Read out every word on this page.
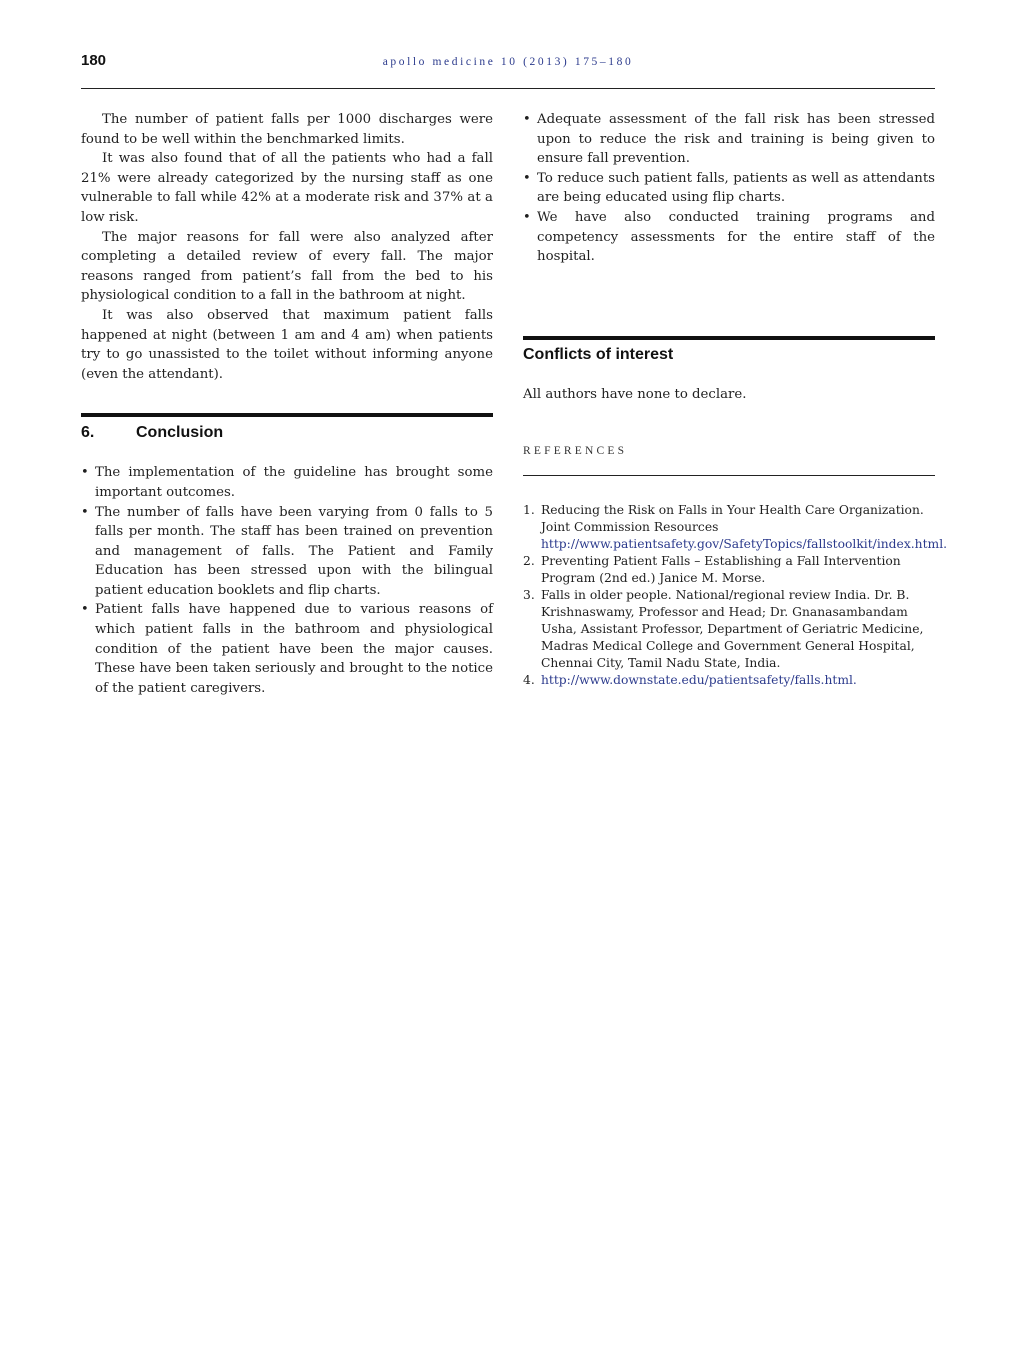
180	apollo medicine 10 (2013) 175–180

The number of patient falls per 1000 discharges were found to be well within the benchmarked limits.

It was also found that of all the patients who had a fall 21% were already categorized by the nursing staff as one vulnerable to fall while 42% at a moderate risk and 37% at a low risk.

The major reasons for fall were also analyzed after completing a detailed review of every fall. The major reasons ranged from patient’s fall from the bed to his physiological condition to a fall in the bathroom at night.

It was also observed that maximum patient falls happened at night (between 1 am and 4 am) when patients try to go unassisted to the toilet without informing anyone (even the attendant).

6.	Conclusion
• The implementation of the guideline has brought some important outcomes.
• The number of falls have been varying from 0 falls to 5 falls per month. The staff has been trained on prevention and management of falls. The Patient and Family Education has been stressed upon with the bilingual patient education booklets and flip charts.
• Patient falls have happened due to various reasons of which patient falls in the bathroom and physiological condition of the patient have been the major causes. These have been taken seriously and brought to the notice of the patient caregivers.
• Adequate assessment of the fall risk has been stressed upon to reduce the risk and training is being given to ensure fall prevention.
• To reduce such patient falls, patients as well as attendants are being educated using flip charts.
• We have also conducted training programs and competency assessments for the entire staff of the hospital.
Conflicts of interest

All authors have none to declare.

REFERENCES
1. Reducing the Risk on Falls in Your Health Care Organization. Joint Commission Resources http://www.patientsafety.gov/SafetyTopics/fallstoolkit/index.html.
2. Preventing Patient Falls – Establishing a Fall Intervention Program (2nd ed.) Janice M. Morse.
3. Falls in older people. National/regional review India. Dr. B. Krishnaswamy, Professor and Head; Dr. Gnanasambandam Usha, Assistant Professor, Department of Geriatric Medicine, Madras Medical College and Government General Hospital, Chennai City, Tamil Nadu State, India.
4. http://www.downstate.edu/patientsafety/falls.html.
